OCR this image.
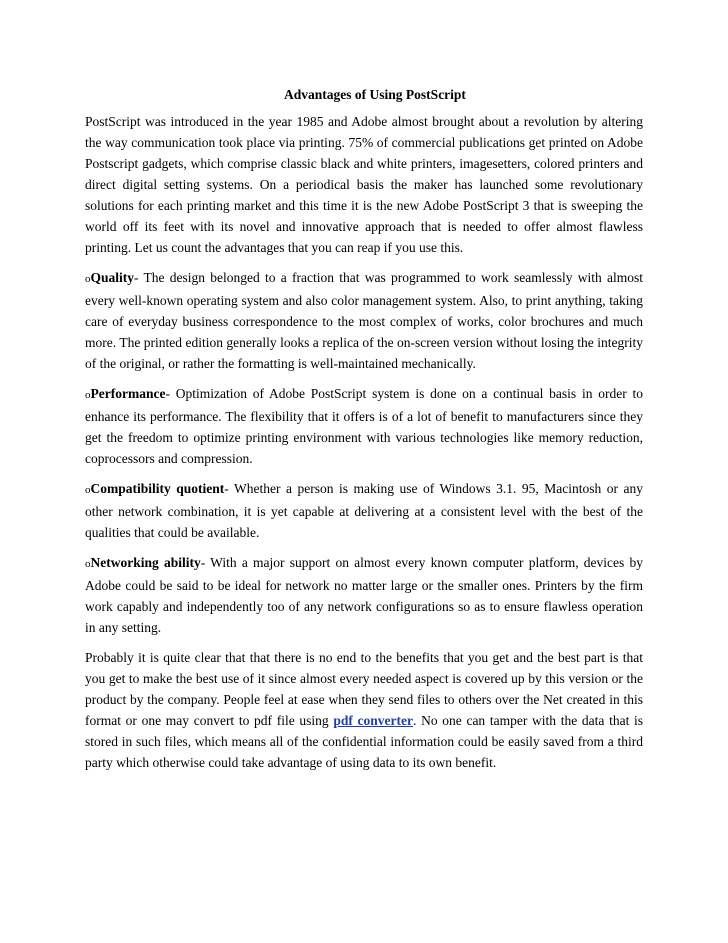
Advantages of Using PostScript

PostScript was introduced in the year 1985 and Adobe almost brought about a revolution by altering the way communication took place via printing. 75% of commercial publications get printed on Adobe Postscript gadgets, which comprise classic black and white printers, imagesetters, colored printers and direct digital setting systems. On a periodical basis the maker has launched some revolutionary solutions for each printing market and this time it is the new Adobe PostScript 3 that is sweeping the world off its feet with its novel and innovative approach that is needed to offer almost flawless printing. Let us count the advantages that you can reap if you use this.

oQuality- The design belonged to a fraction that was programmed to work seamlessly with almost every well-known operating system and also color management system. Also, to print anything, taking care of everyday business correspondence to the most complex of works, color brochures and much more. The printed edition generally looks a replica of the on-screen version without losing the integrity of the original, or rather the formatting is well-maintained mechanically.

oPerformance- Optimization of Adobe PostScript system is done on a continual basis in order to enhance its performance. The flexibility that it offers is of a lot of benefit to manufacturers since they get the freedom to optimize printing environment with various technologies like memory reduction, coprocessors and compression.

oCompatibility quotient- Whether a person is making use of Windows 3.1. 95, Macintosh or any other network combination, it is yet capable at delivering at a consistent level with the best of the qualities that could be available.

oNetworking ability- With a major support on almost every known computer platform, devices by Adobe could be said to be ideal for network no matter large or the smaller ones. Printers by the firm work capably and independently too of any network configurations so as to ensure flawless operation in any setting.

Probably it is quite clear that that there is no end to the benefits that you get and the best part is that you get to make the best use of it since almost every needed aspect is covered up by this version or the product by the company. People feel at ease when they send files to others over the Net created in this format or one may convert to pdf file using pdf converter. No one can tamper with the data that is stored in such files, which means all of the confidential information could be easily saved from a third party which otherwise could take advantage of using data to its own benefit.
